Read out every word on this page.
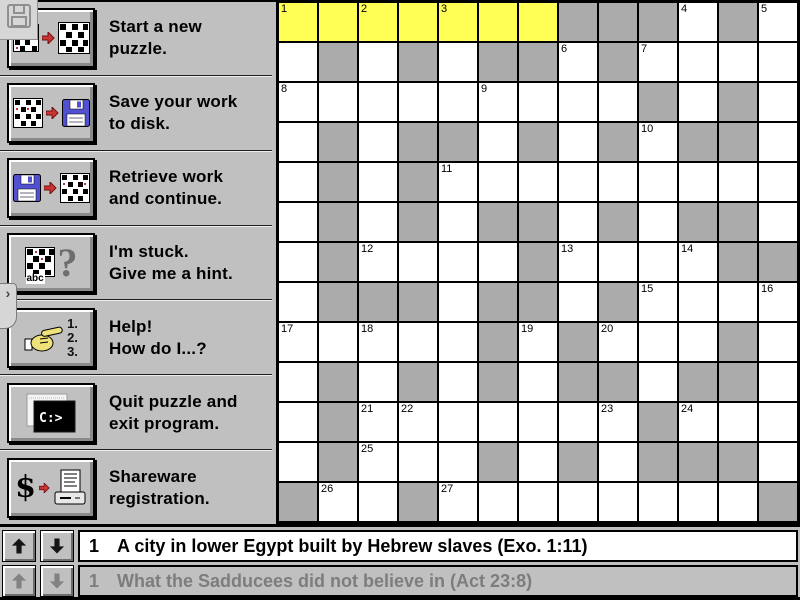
Start a new
puzzle.
Save your work
to disk.
Retrieve work
and continue.
abc ? I'm stuck.
Give me a hint.
1.
2.
3.
Help!
How do I...?
C:>
Quit puzzle and
exit program.
$	Shareware
registration.
›
1	2	3	4	5
6	7
8	9
10
11
12	13	14
15	16
17	18	19	20
21	22	23	24
25
26	27
1 A city in lower Egypt built by Hebrew slaves (Exo. 1:11)
1 What the Sadducees did not believe in (Act 23:8)
